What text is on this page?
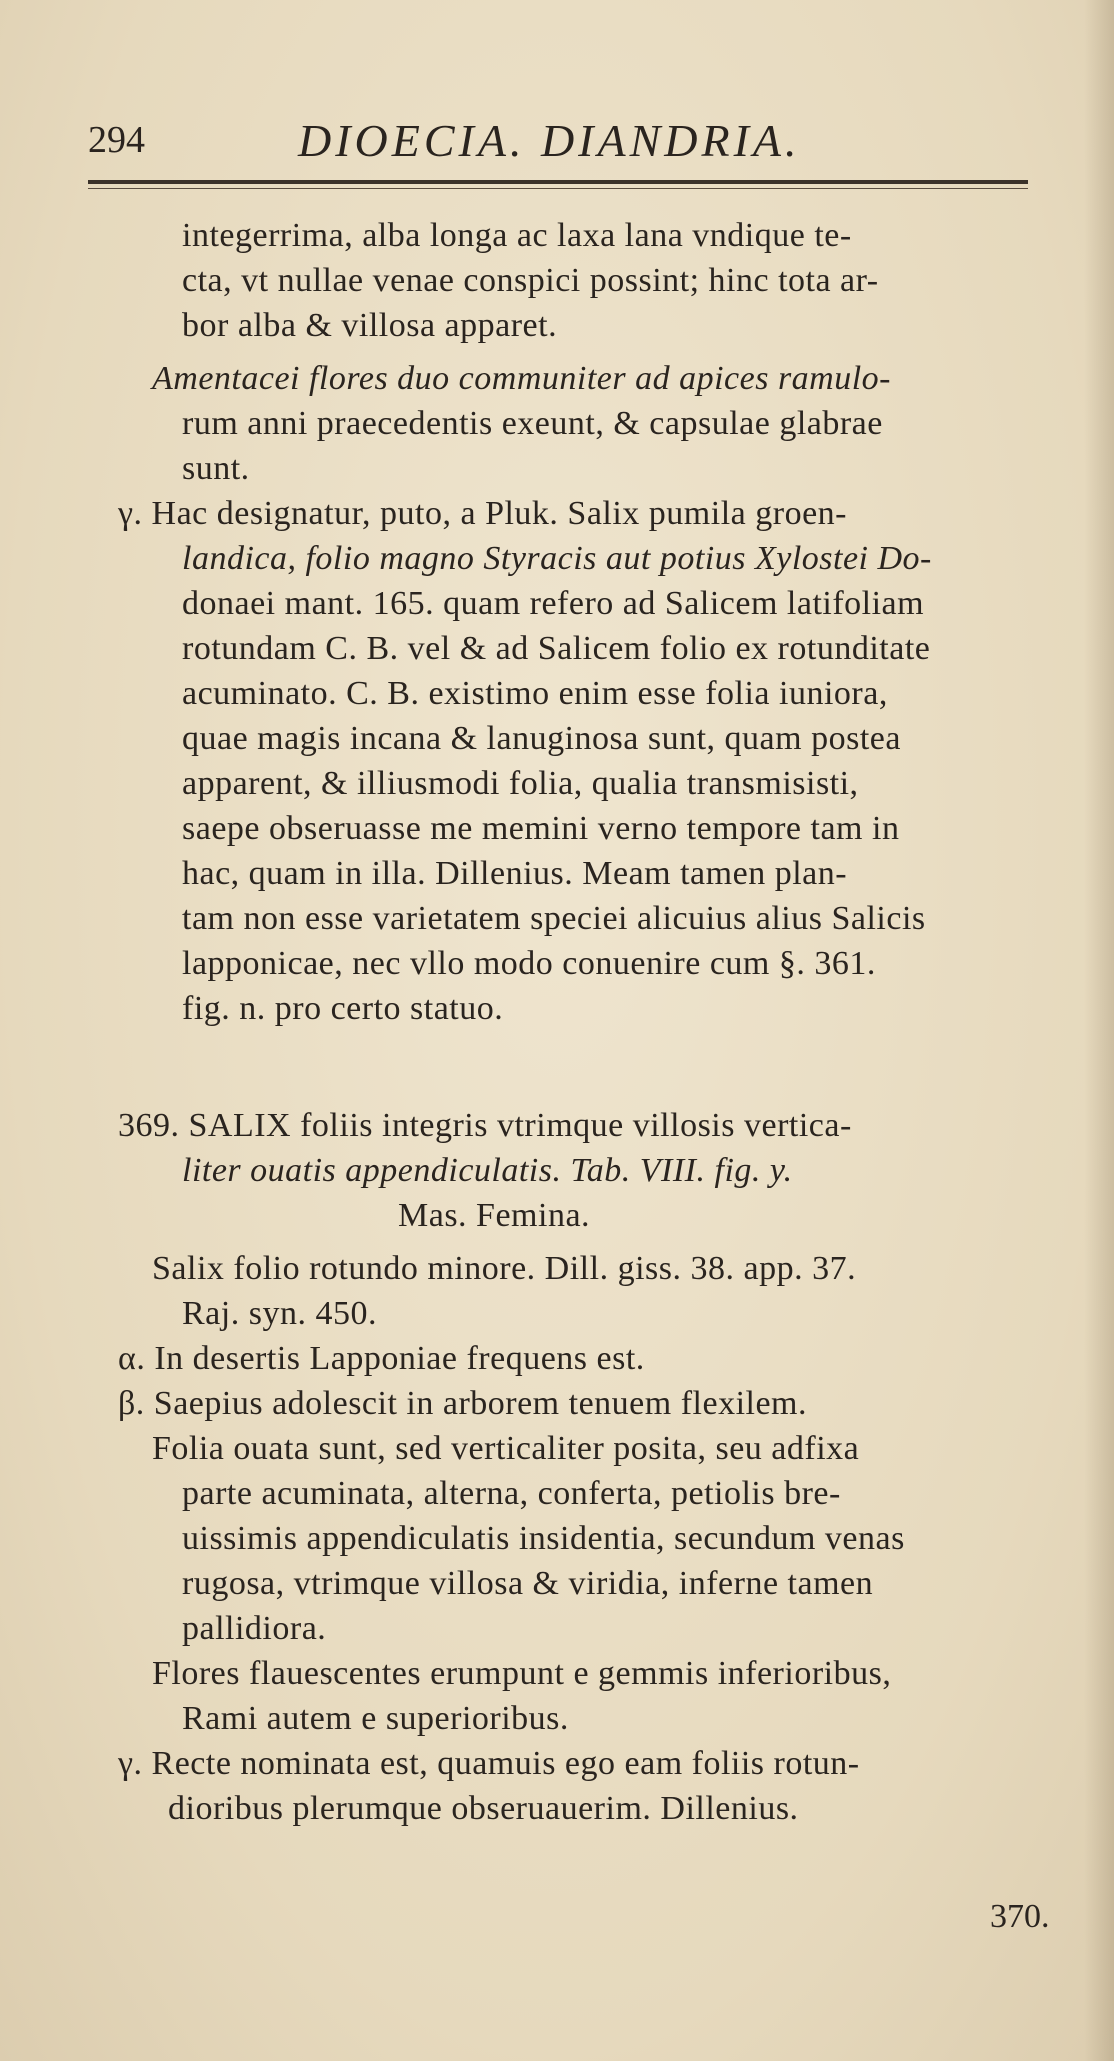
294	DIOECIA. DIANDRIA.
integerrima, alba longa ac laxa lana vndique te-
cta, vt nullae venae conspici possint; hinc tota ar-
bor alba & villosa apparet.
Amentacei flores duo communiter ad apices ramulo-
rum anni praecedentis exeunt, & capsulae glabrae
sunt.
γ. Hac designatur, puto, a Pluk. Salix pumila groen-
landica, folio magno Styracis aut potius Xylostei Do-
donaei mant. 165. quam refero ad Salicem latifoliam
rotundam C. B. vel & ad Salicem folio ex rotunditate
acuminato. C. B. existimo enim esse folia iuniora,
quae magis incana & lanuginosa sunt, quam postea
apparent, & illiusmodi folia, qualia transmisisti,
saepe obseruasse me memini verno tempore tam in
hac, quam in illa. Dillenius. Meam tamen plan-
tam non esse varietatem speciei alicuius alius Salicis
lapponicae, nec vllo modo conuenire cum §. 361.
fig. n. pro certo statuo.
369. SALIX foliis integris vtrimque villosis vertica-
liter ouatis appendiculatis. Tab. VIII. fig. y.
Mas. Femina.
Salix folio rotundo minore. Dill. giss. 38. app. 37.
Raj. syn. 450.
α. In desertis Lapponiae frequens est.
β. Saepius adolescit in arborem tenuem flexilem.
Folia ouata sunt, sed verticaliter posita, seu adfixa
parte acuminata, alterna, conferta, petiolis bre-
uissimis appendiculatis insidentia, secundum venas
rugosa, vtrimque villosa & viridia, inferne tamen
pallidiora.
Flores flauescentes erumpunt e gemmis inferioribus,
Rami autem e superioribus.
γ. Recte nominata est, quamuis ego eam foliis rotun-
dioribus plerumque obseruauerim. Dillenius.
370.
